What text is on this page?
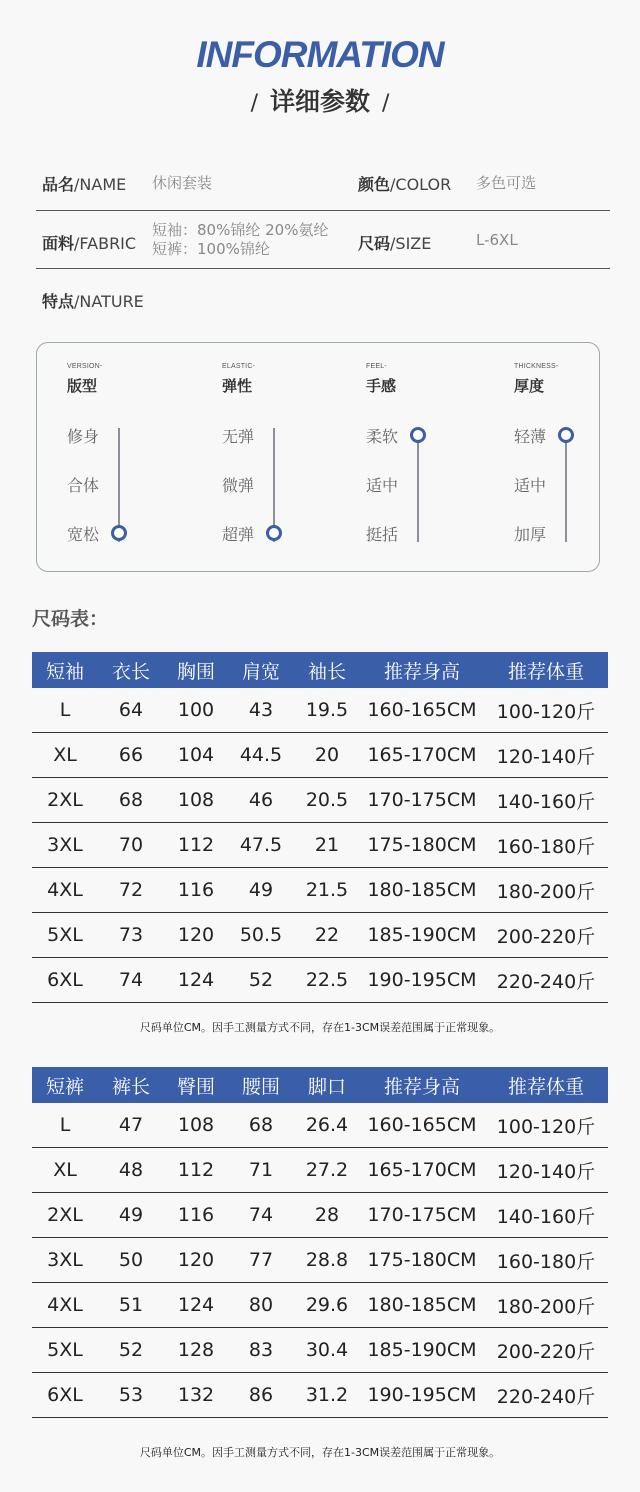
INFORMATION
/ 详细参数 /
品名/NAME 休闲套装	颜色/COLOR 多色可选
面料/FABRIC
短袖：80%锦纶 20%氨纶
短裤：100%锦纶	尺码/SIZE	L-6XL
特点/NATURE
VERSION-
版型
修身
合体
宽松
ELASTIC-
弹性
无弹
微弹
超弹
FEEL-
手感
柔软
适中
挺括
THICKNESS-
厚度
轻薄
适中
加厚
尺码表：
短袖	衣长	胸围	肩宽	袖长	推荐身高	推荐体重
L	64	100	43	19.5	160-165CM	100-120斤
XL	66	104	44.5	20	165-170CM	120-140斤
2XL	68	108	46	20.5	170-175CM	140-160斤
3XL	70	112	47.5	21	175-180CM	160-180斤
4XL	72	116	49	21.5	180-185CM	180-200斤
5XL	73	120	50.5	22	185-190CM	200-220斤
6XL	74	124	52	22.5	190-195CM	220-240斤
尺码单位CM。因手工测量方式不同，存在1-3CM误差范围属于正常现象。
短裤	裤长	臀围	腰围	脚口	推荐身高	推荐体重
L	47	108	68	26.4	160-165CM	100-120斤
XL	48	112	71	27.2	165-170CM	120-140斤
2XL	49	116	74	28	170-175CM	140-160斤
3XL	50	120	77	28.8	175-180CM	160-180斤
4XL	51	124	80	29.6	180-185CM	180-200斤
5XL	52	128	83	30.4	185-190CM	200-220斤
6XL	53	132	86	31.2	190-195CM	220-240斤
尺码单位CM。因手工测量方式不同，存在1-3CM误差范围属于正常现象。
